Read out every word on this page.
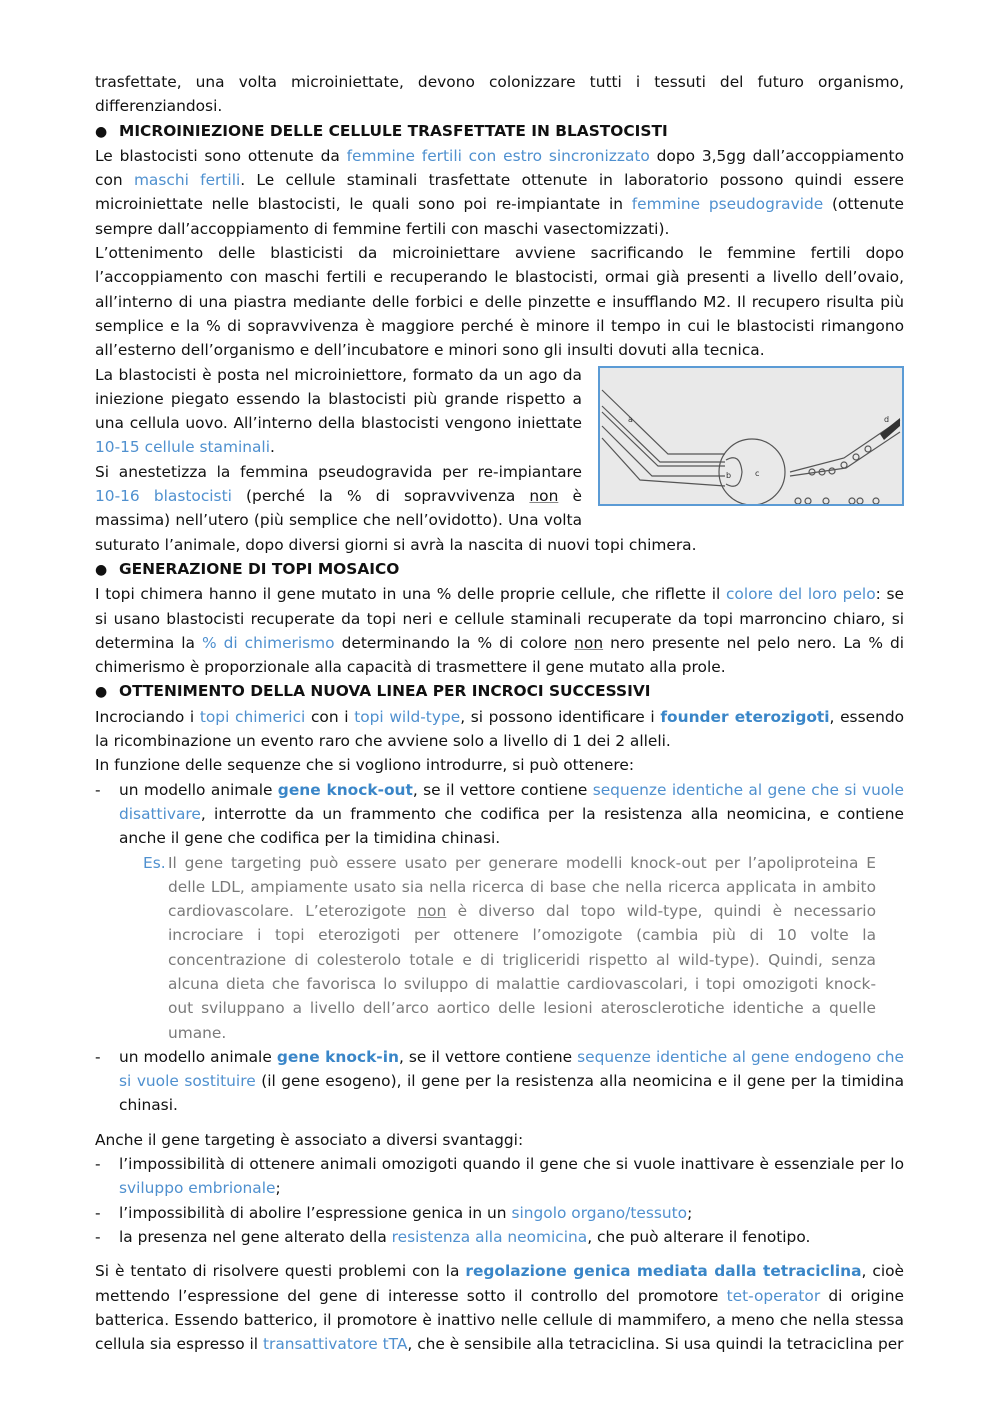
trasfettate, una volta microiniettate, devono colonizzare tutti i tessuti del futuro organismo, differenziandosi.

● MICROINIEZIONE DELLE CELLULE TRASFETTATE IN BLASTOCISTI

Le blastocisti sono ottenute da femmine fertili con estro sincronizzato dopo 3,5gg dall’accoppiamento con maschi fertili. Le cellule staminali trasfettate ottenute in laboratorio possono quindi essere microiniettate nelle blastocisti, le quali sono poi re-impiantate in femmine pseudogravide (ottenute sempre dall’accoppiamento di femmine fertili con maschi vasectomizzati).

L’ottenimento delle blasticisti da microiniettare avviene sacrificando le femmine fertili dopo l’accoppiamento con maschi fertili e recuperando le blastocisti, ormai già presenti a livello dell’ovaio, all’interno di una piastra mediante delle forbici e delle pinzette e insufflando M2. Il recupero risulta più semplice e la % di sopravvivenza è maggiore perché è minore il tempo in cui le blastocisti rimangono all’esterno dell’organismo e dell’incubatore e minori sono gli insulti dovuti alla tecnica.

a
b	c
d

La blastocisti è posta nel microiniettore, formato da un ago da iniezione piegato essendo la blastocisti più grande rispetto a una cellula uovo. All’interno della blastocisti vengono iniettate 10-15 cellule staminali.

Si anestetizza la femmina pseudogravida per re-impiantare 10-16 blastocisti (perché la % di sopravvivenza non è massima) nell’utero (più semplice che nell’ovidotto). Una volta suturato l’animale, dopo diversi giorni si avrà la nascita di nuovi topi chimera.

● GENERAZIONE DI TOPI MOSAICO

I topi chimera hanno il gene mutato in una % delle proprie cellule, che riflette il colore del loro pelo: se si usano blastocisti recuperate da topi neri e cellule staminali recuperate da topi marroncino chiaro, si determina la % di chimerismo determinando la % di colore non nero presente nel pelo nero. La % di chimerismo è proporzionale alla capacità di trasmettere il gene mutato alla prole.

● OTTENIMENTO DELLA NUOVA LINEA PER INCROCI SUCCESSIVI

Incrociando i topi chimerici con i topi wild-type, si possono identificare i founder eterozigoti, essendo la ricombinazione un evento raro che avviene solo a livello di 1 dei 2 alleli.

In funzione delle sequenze che si vogliono introdurre, si può ottenere:

-	un modello animale gene knock-out, se il vettore contiene sequenze identiche al gene che si vuole disattivare, interrotte da un frammento che codifica per la resistenza alla neomicina, e contiene anche il gene che codifica per la timidina chinasi.
Es. Il gene targeting può essere usato per generare modelli knock-out per l’apoliproteina E delle LDL, ampiamente usato sia nella ricerca di base che nella ricerca applicata in ambito cardiovascolare. L’eterozigote non è diverso dal topo wild-type, quindi è necessario incrociare i topi eterozigoti per ottenere l’omozigote (cambia più di 10 volte la concentrazione di colesterolo totale e di trigliceridi rispetto al wild-type). Quindi, senza alcuna dieta che favorisca lo sviluppo di malattie cardiovascolari, i topi omozigoti knock-out sviluppano a livello dell’arco aortico delle lesioni aterosclerotiche identiche a quelle umane.
-	un modello animale gene knock-in, se il vettore contiene sequenze identiche al gene endogeno che si vuole sostituire (il gene esogeno), il gene per la resistenza alla neomicina e il gene per la timidina chinasi.

Anche il gene targeting è associato a diversi svantaggi:

-	l’impossibilità di ottenere animali omozigoti quando il gene che si vuole inattivare è essenziale per lo sviluppo embrionale;
-	l’impossibilità di abolire l’espressione genica in un singolo organo/tessuto;
-	la presenza nel gene alterato della resistenza alla neomicina, che può alterare il fenotipo.

Si è tentato di risolvere questi problemi con la regolazione genica mediata dalla tetraciclina, cioè mettendo l’espressione del gene di interesse sotto il controllo del promotore tet-operator di origine batterica. Essendo batterico, il promotore è inattivo nelle cellule di mammifero, a meno che nella stessa cellula sia espresso il transattivatore tTA, che è sensibile alla tetraciclina. Si usa quindi la tetraciclina per
